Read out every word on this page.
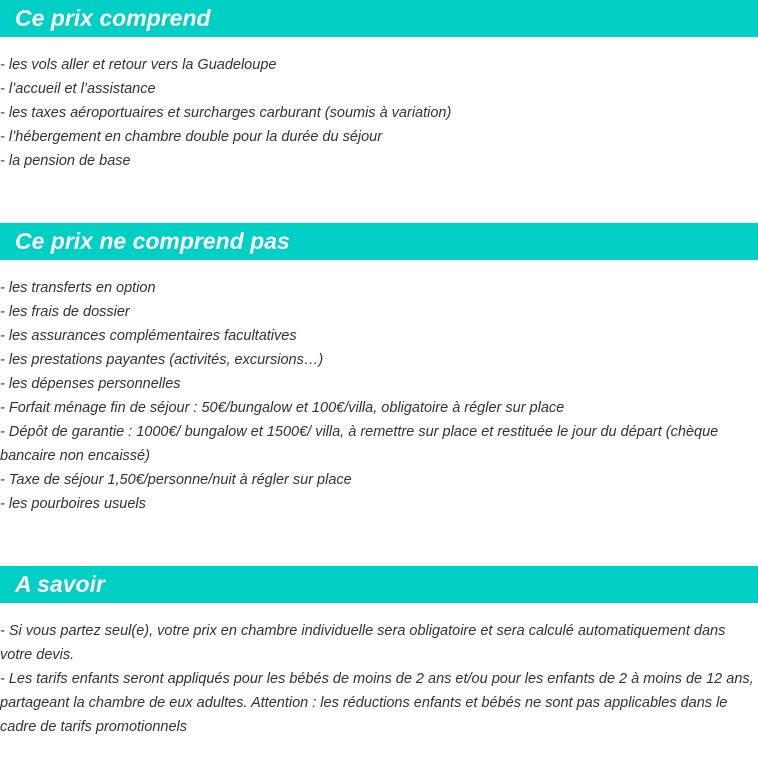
Ce prix comprend
- les vols aller et retour vers la Guadeloupe
- l’accueil et l’assistance
- les taxes aéroportuaires et surcharges carburant (soumis à variation)
- l’hébergement en chambre double pour la durée du séjour
- la pension de base
Ce prix ne comprend pas
- les transferts en option
- les frais de dossier
- les assurances complémentaires facultatives
- les prestations payantes (activités, excursions…)
- les dépenses personnelles
- Forfait ménage fin de séjour : 50€/bungalow et 100€/villa, obligatoire à régler sur place
- Dépôt de garantie : 1000€/ bungalow et 1500€/ villa, à remettre sur place et restituée le jour du départ (chèque bancaire non encaissé)
- Taxe de séjour 1,50€/personne/nuit à régler sur place
- les pourboires usuels
A savoir
- Si vous partez seul(e), votre prix en chambre individuelle sera obligatoire et sera calculé automatiquement dans votre devis.
- Les tarifs enfants seront appliqués pour les bébés de moins de 2 ans et/ou pour les enfants de 2 à moins de 12 ans, partageant la chambre de eux adultes. Attention : les réductions enfants et bébés ne sont pas applicables dans le cadre de tarifs promotionnels
